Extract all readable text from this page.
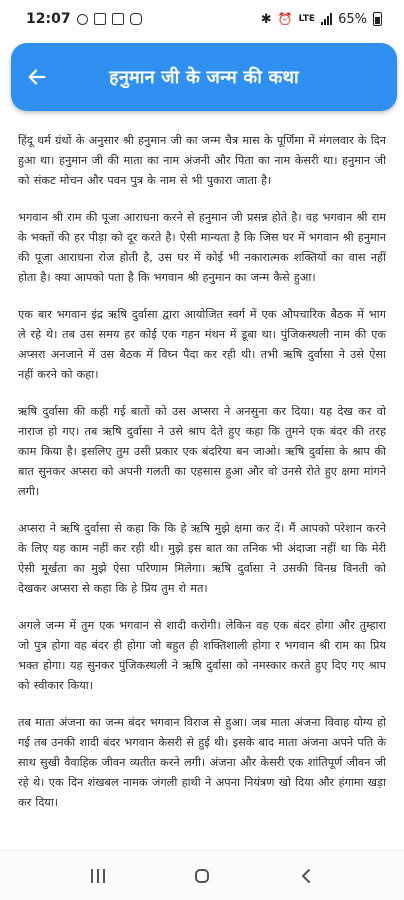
12:07	✱ ⏰ LTE 65%
हनुमान जी के जन्म की कथा

हिंदू धर्म ग्रंथों के अनुसार श्री हनुमान जी का जन्म चैत्र मास के पूर्णिमा में मंगलवार के दिन हुआ था। हनुमान जी की माता का नाम अंजनी और पिता का नाम केसरी था। हनुमान जी को संकट मोचन और पवन पुत्र के नाम से भी पुकारा जाता है।

भगवान श्री राम की पूजा आराधना करने से हनुमान जी प्रसन्न होते है। वह भगवान श्री राम के भक्तों की हर पीड़ा को दूर करते है। ऐसी मान्यता है कि जिस घर में भगवान श्री हनुमान की पूजा आराधना रोज होती है, उस घर में कोई भी नकारात्मक शक्तियों का वास नहीं होता है। क्या आपको पता है कि भगवान श्री हनुमान का जन्म कैसे हुआ।

एक बार भगवान इंद्र ऋषि दुर्वासा द्वारा आयोजित स्वर्ग में एक औपचारिक बैठक में भाग ले रहे थे। तब उस समय हर कोई एक गहन मंथन में डूबा था। पुंजिकस्थली नाम की एक अप्सरा अनजाने में उस बैठक में विघ्न पैदा कर रही थी। तभी ऋषि दुर्वासा ने उसे ऐसा नहीं करने को कहा।

ऋषि दुर्वासा की कही गई बातों को उस अप्सरा ने अनसुना कर दिया। यह देख कर वो नाराज हो गए। तब ऋषि दुर्वासा ने उसे श्राप देते हुए कहा कि तुमने एक बंदर की तरह काम किया है। इसलिए तुम उसी प्रकार एक बंदरिया बन जाओ। ऋषि दुर्वासा के श्राप की बात सुनकर अप्सरा को अपनी गलती का एहसास हुआ और वो उनसे रोते हुए क्षमा मांगने लगी।

अप्सरा ने ऋषि दुर्वासा से कहा कि कि हे ऋषि मुझे क्षमा कर दें। मैं आपको परेशान करने के लिए यह काम नहीं कर रही थी। मुझे इस बात का तनिक भी अंदाजा नहीं था कि मेरी ऐसी मूर्खता का मुझे ऐसा परिणाम मिलेगा। ऋषि दुर्वासा ने उसकी विनम्र विनती को देखकर अप्सरा से कहा कि हे प्रिय तुम रो मत।

अगले जन्म में तुम एक भगवान से शादी करोगी। लेकिन वह एक बंदर होगा और तुम्हारा जो पुत्र होगा वह बंदर ही होगा जो बहुत ही शक्तिशाली होगा र भगवान श्री राम का प्रिय भक्त होगा। यह सुनकर पुंजिकस्थली ने ऋषि दुर्वासा को नमस्कार करते हुए दिए गए श्राप को स्वीकार किया।

तब माता अंजना का जन्म बंदर भगवान विराज से हुआ। जब माता अंजना विवाह योग्य हो गई तब उनकी शादी बंदर भगवान केसरी से हुई थी। इसके बाद माता अंजना अपने पति के साथ सुखी वैवाहिक जीवन व्यतीत करने लगी। अंजना और केसरी एक शांतिपूर्ण जीवन जी रहे थे। एक दिन शंखबल नामक जंगली हाथी ने अपना नियंत्रण खो दिया और हंगामा खड़ा कर दिया।
